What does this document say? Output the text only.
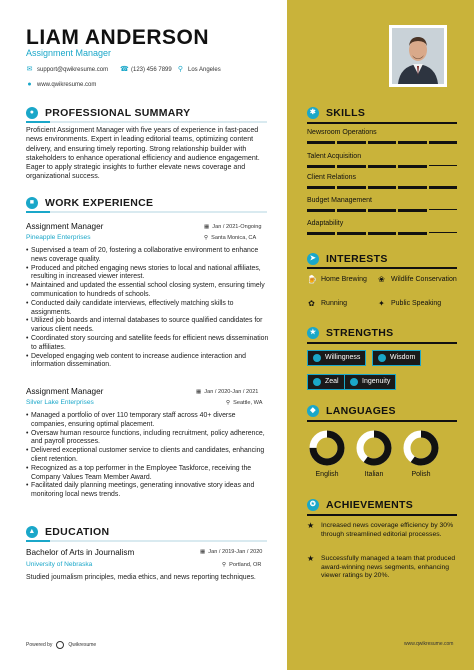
LIAM ANDERSON
Assignment Manager
✉ support@qwikresume.com ☎ (123) 456 7899 ⚲ Los Angeles
● www.qwikresume.com
●	PROFESSIONAL SUMMARY
Proficient Assignment Manager with five years of experience in fast-paced news environments. Expert in leading editorial teams, optimizing content delivery, and ensuring timely reporting. Strong relationship builder with stakeholders to enhance operational efficiency and audience engagement. Eager to apply strategic insights to further elevate news coverage and organizational success.
■	WORK EXPERIENCE
Assignment Manager
Pineapple Enterprises
▦ Jan / 2021-Ongoing
⚲ Santa Monica, CA
• Supervised a team of 20, fostering a collaborative environment to enhance news coverage quality.
• Produced and pitched engaging news stories to local and national affiliates, resulting in increased viewer interest.
• Maintained and updated the essential school closing system, ensuring timely communication to hundreds of schools.
• Conducted daily candidate interviews, effectively matching skills to assignments.
• Utilized job boards and internal databases to source qualified candidates for various client needs.
• Coordinated story sourcing and satellite feeds for efficient news dissemination to affiliates.
• Developed engaging web content to increase audience interaction and information dissemination.
Assignment Manager
Silver Lake Enterprises
▦ Jan / 2020-Jan / 2021
⚲ Seattle, WA
• Managed a portfolio of over 110 temporary staff across 40+ diverse companies, ensuring optimal placement.
• Oversaw human resource functions, including recruitment, policy adherence, and payroll processes.
• Delivered exceptional customer service to clients and candidates, enhancing client retention.
• Recognized as a top performer in the Employee Taskforce, receiving the Company Values Team Member Award.
• Facilitated daily planning meetings, generating innovative story ideas and monitoring local news trends.
▲ EDUCATION
Bachelor of Arts in Journalism
University of Nebraska
▦ Jan / 2019-Jan / 2020
⚲ Portland, OR
Studied journalism principles, media ethics, and news reporting techniques.
Powered by	Qwikresume	www.qwikresume.com
✱ SKILLS
Newsroom Operations
Talent Acquisition
Client Relations
Budget Management
Adaptability
➤ INTERESTS
🍺 Home Brewing ❀ Wildlife Conservation
✿ Running	✦ Public Speaking
★ STRENGTHS
Willingness	Wisdom
Zeal	Ingenuity
◆ LANGUAGES
English	Italian	Polish
✪ ACHIEVEMENTS
★ Increased news coverage efficiency by 30% through streamlined editorial processes.
★ Successfully managed a team that produced award-winning news segments, enhancing viewer ratings by 20%.
